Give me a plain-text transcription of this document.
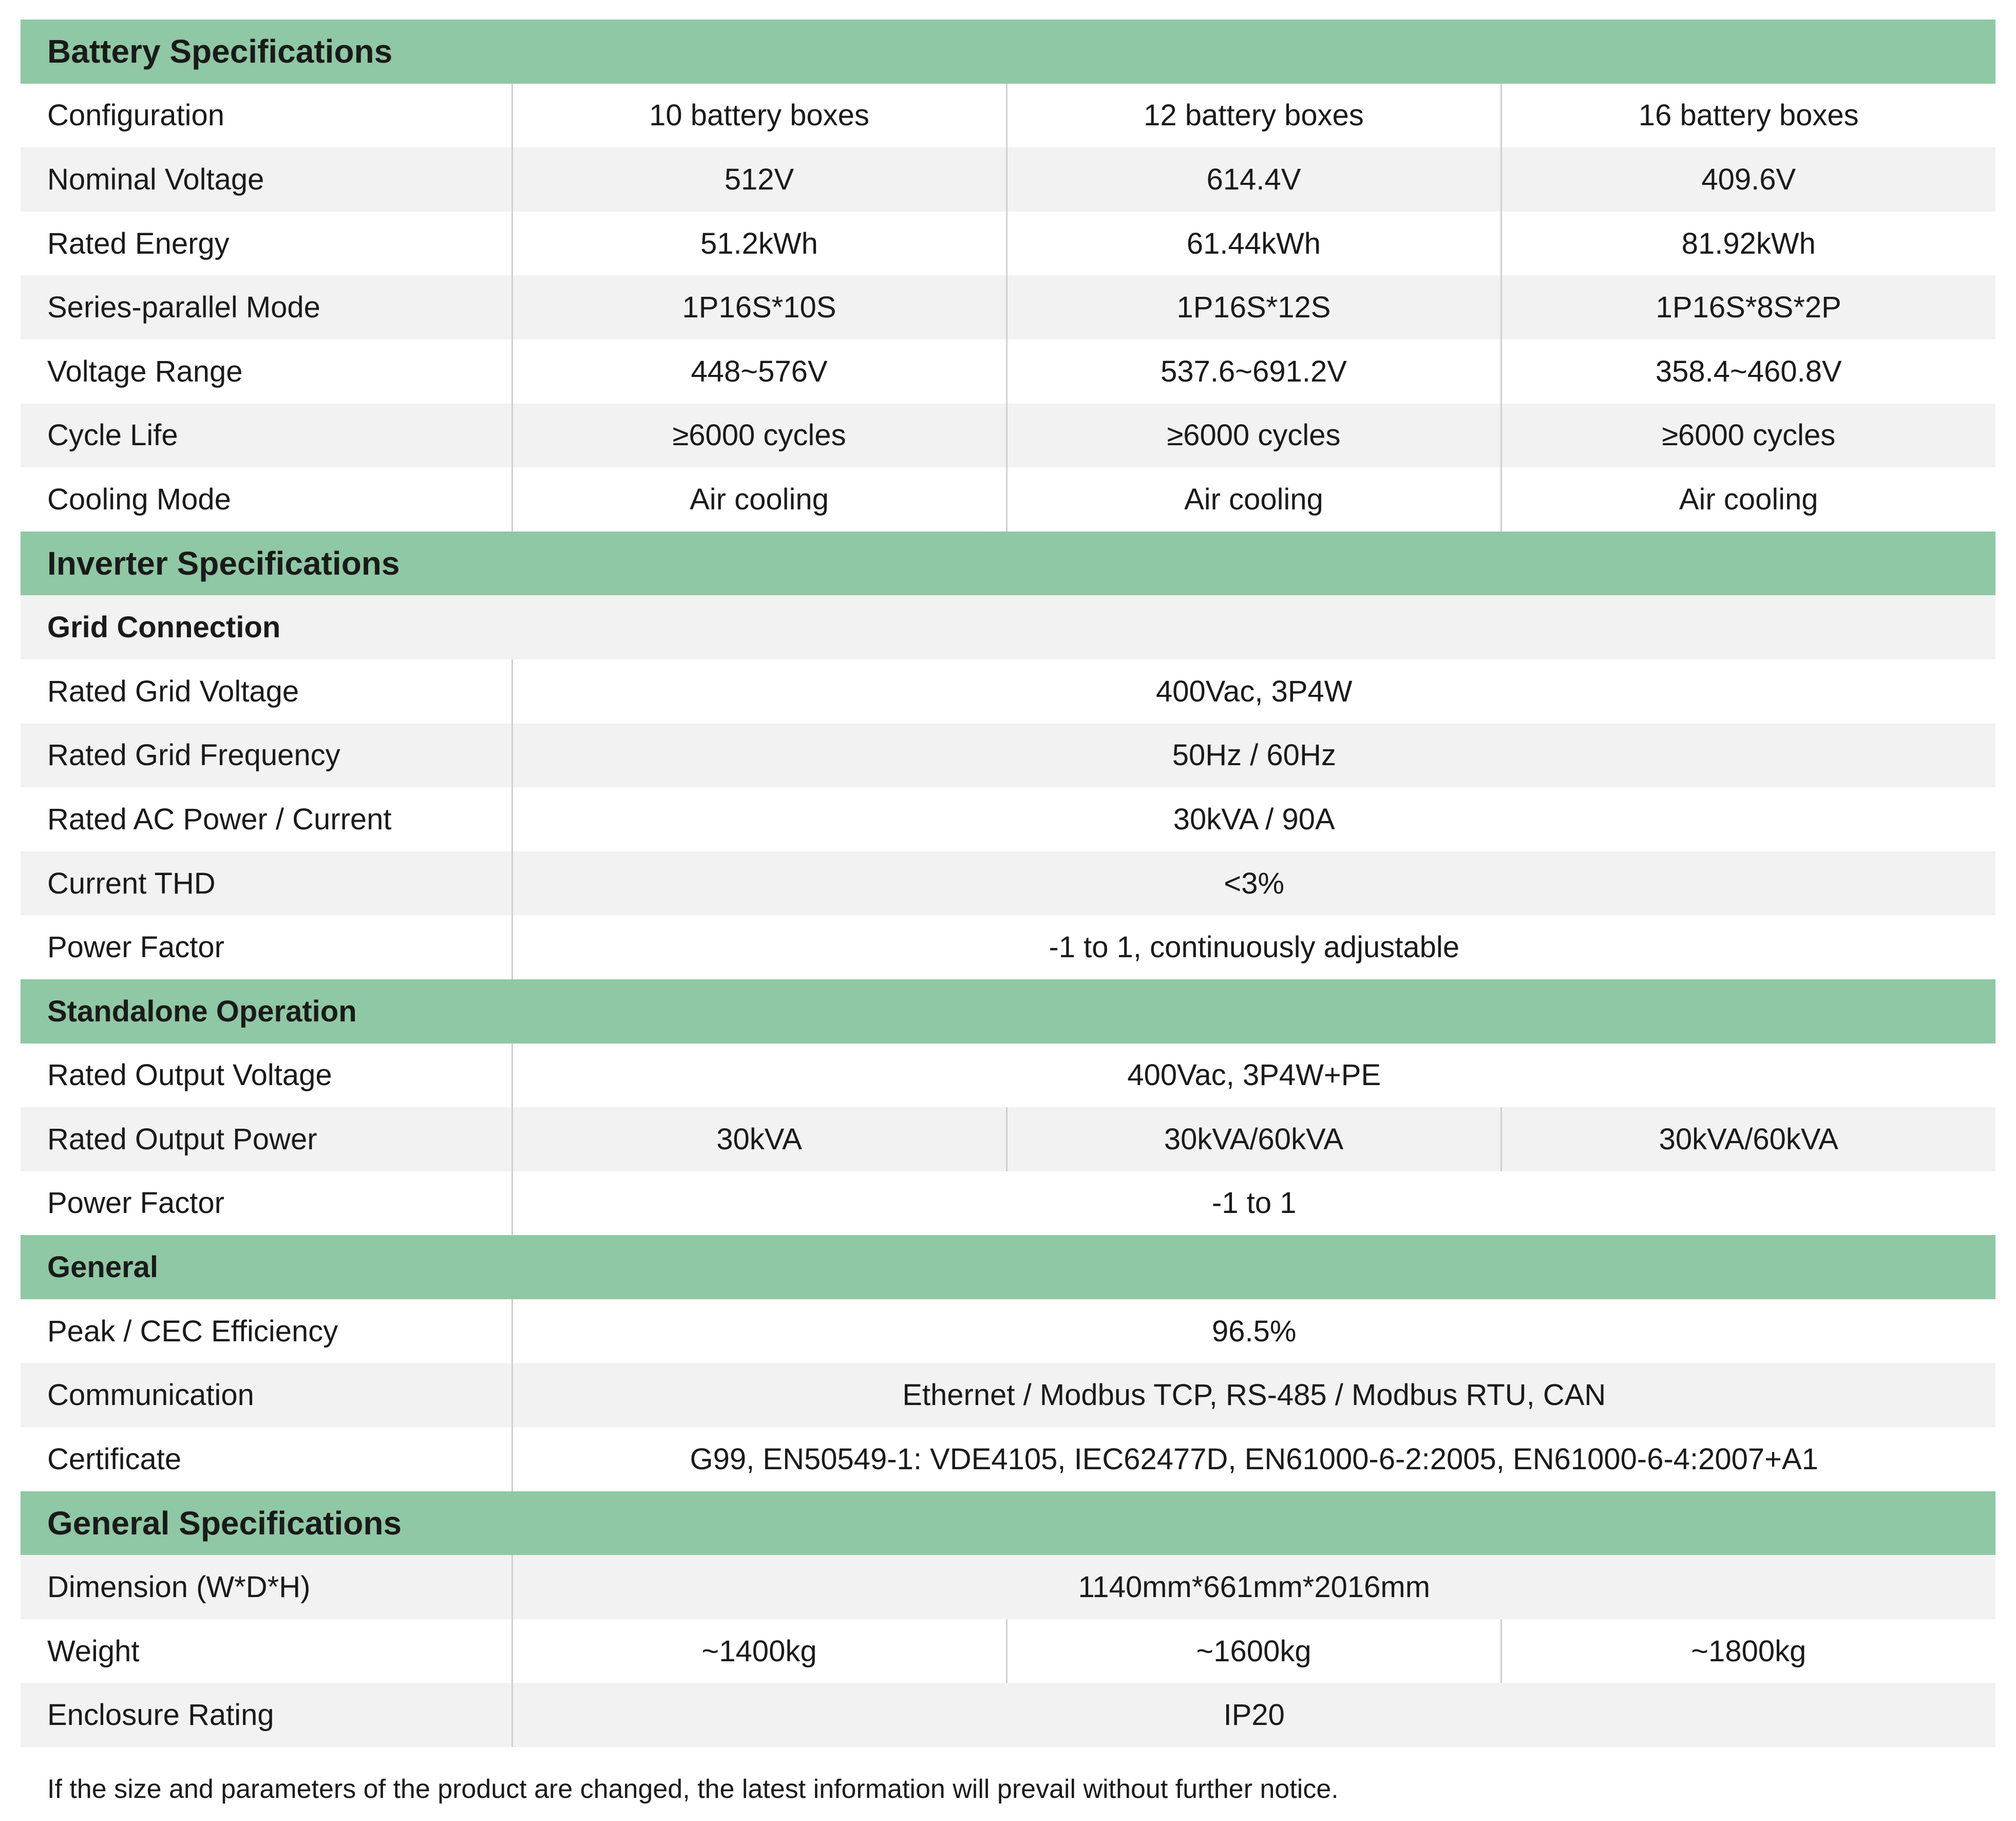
Battery Specifications			
Configuration	10 battery boxes	12 battery boxes	16 battery boxes
Nominal Voltage	512V	614.4V	409.6V
Rated Energy	51.2kWh	61.44kWh	81.92kWh
Series-parallel Mode	1P16S*10S	1P16S*12S	1P16S*8S*2P
Voltage Range	448~576V	537.6~691.2V	358.4~460.8V
Cycle Life	≥6000 cycles	≥6000 cycles	≥6000 cycles
Cooling Mode	Air cooling	Air cooling	Air cooling
Inverter Specifications			
Grid Connection			
Rated Grid Voltage	400Vac, 3P4W		
Rated Grid Frequency	50Hz / 60Hz		
Rated AC Power / Current	30kVA / 90A		
Current THD	<3%		
Power Factor	-1 to 1, continuously adjustable		
Standalone Operation			
Rated Output Voltage	400Vac, 3P4W+PE		
Rated Output Power	30kVA	30kVA/60kVA	30kVA/60kVA
Power Factor	-1 to 1		
General			
Peak / CEC Efficiency	96.5%		
Communication	Ethernet / Modbus TCP, RS-485 / Modbus RTU, CAN		
Certificate	G99, EN50549-1: VDE4105, IEC62477D, EN61000-6-2:2005, EN61000-6-4:2007+A1		
General Specifications			
Dimension (W*D*H)	1140mm*661mm*2016mm		
Weight	~1400kg	~1600kg	~1800kg
Enclosure Rating	IP20		
If the size and parameters of the product are changed, the latest information will prevail without further notice.
